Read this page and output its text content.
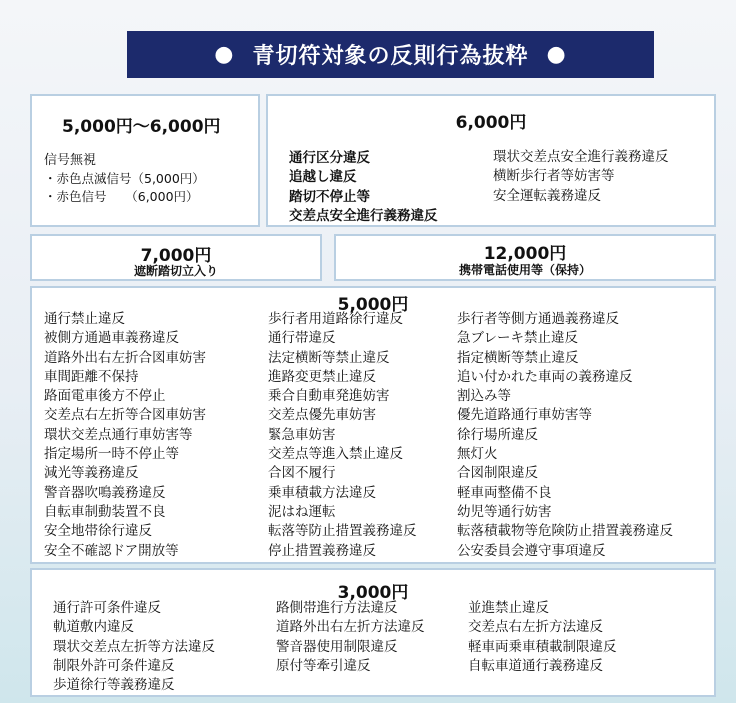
● 青切符対象の反則行為抜粋 ●
5,000円〜6,000円
信号無視
・赤色点滅信号（5,000円）
・赤色信号　　（6,000円）
6,000円
通行区分違反
追越し違反
踏切不停止等
交差点安全進行義務違反
環状交差点安全進行義務違反
横断歩行者等妨害等
安全運転義務違反
7,000円
遮断踏切立入り
12,000円
携帯電話使用等（保持）
5,000円
通行禁止違反
被側方通過車義務違反
道路外出右左折合図車妨害
車間距離不保持
路面電車後方不停止
交差点右左折等合図車妨害
環状交差点通行車妨害等
指定場所一時不停止等
減光等義務違反
警音器吹鳴義務違反
自転車制動装置不良
安全地帯徐行違反
安全不確認ドア開放等
歩行者用道路徐行違反
通行帯違反
法定横断等禁止違反
進路変更禁止違反
乗合自動車発進妨害
交差点優先車妨害
緊急車妨害
交差点等進入禁止違反
合図不履行
乗車積載方法違反
泥はね運転
転落等防止措置義務違反
停止措置義務違反
歩行者等側方通過義務違反
急ブレーキ禁止違反
指定横断等禁止違反
追い付かれた車両の義務違反
割込み等
優先道路通行車妨害等
徐行場所違反
無灯火
合図制限違反
軽車両整備不良
幼児等通行妨害
転落積載物等危険防止措置義務違反
公安委員会遵守事項違反
3,000円
通行許可条件違反
軌道敷内違反
環状交差点左折等方法違反
制限外許可条件違反
歩道徐行等義務違反
路側帯進行方法違反
道路外出右左折方法違反
警音器使用制限違反
原付等牽引違反
並進禁止違反
交差点右左折方法違反
軽車両乗車積載制限違反
自転車道通行義務違反
